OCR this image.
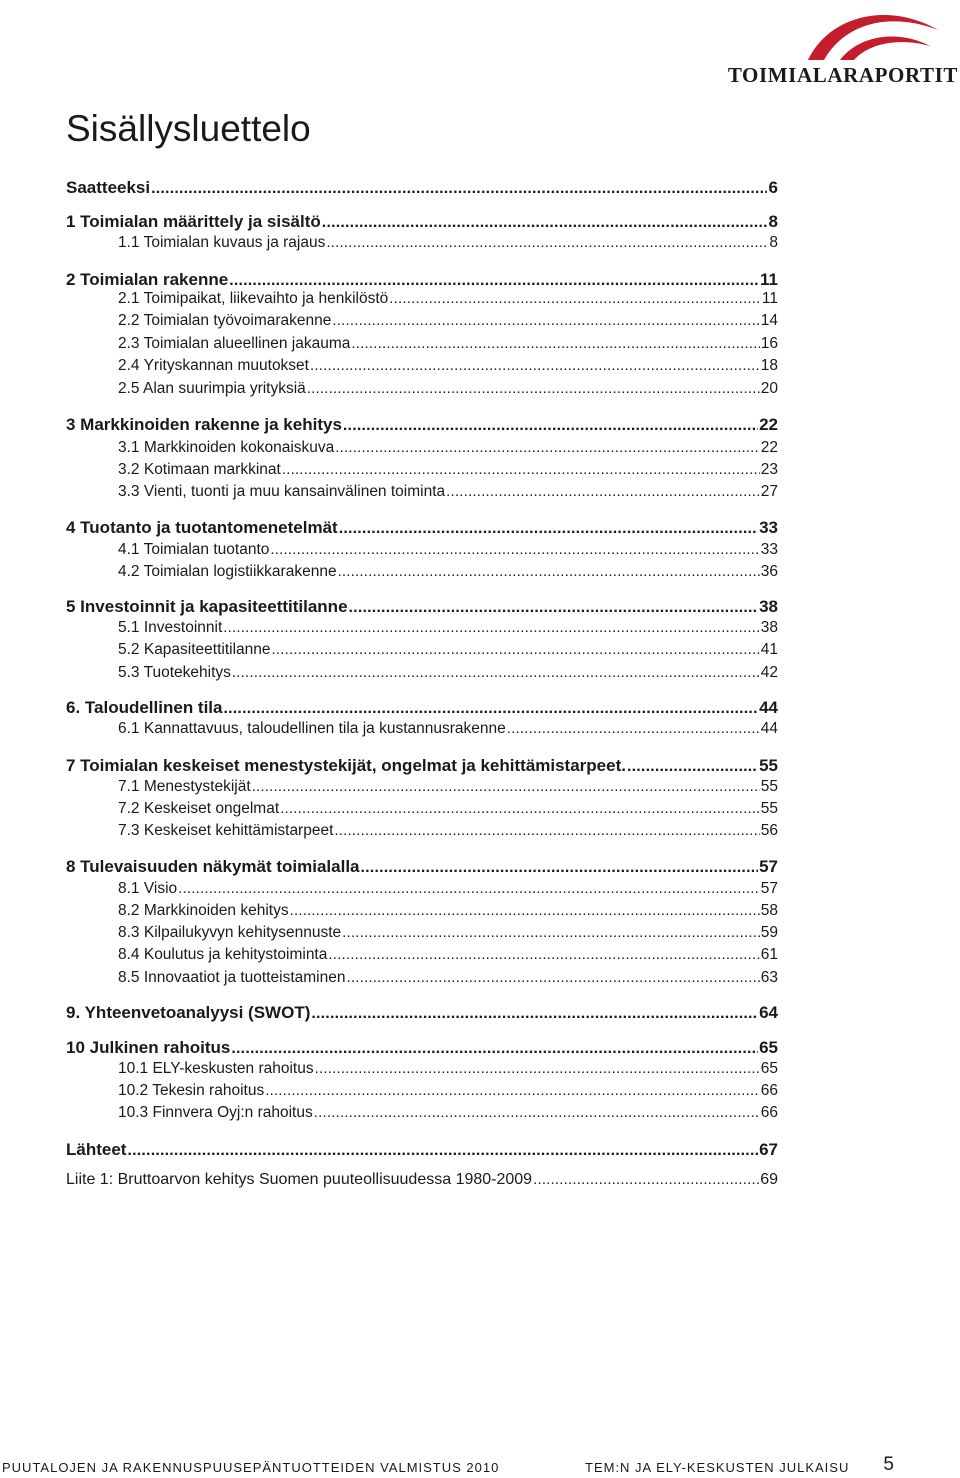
TOIMIALARAPORTIT
Sisällysluettelo
Saatteeksi .....	6
1 Toimialan määrittely ja sisältö .....	8
1.1 Toimialan kuvaus ja rajaus .....	8
2 Toimialan rakenne .....	11
2.1 Toimipaikat, liikevaihto ja henkilöstö .....	11
2.2 Toimialan työvoimarakenne .....	14
2.3 Toimialan alueellinen jakauma .....	16
2.4 Yrityskannan muutokset .....	18
2.5 Alan suurimpia yrityksiä .....	20
3 Markkinoiden rakenne ja kehitys .....	22
3.1 Markkinoiden kokonaiskuva .....	22
3.2 Kotimaan markkinat .....	23
3.3 Vienti, tuonti ja muu kansainvälinen toiminta .....	27
4 Tuotanto ja tuotantomenetelmät .....	33
4.1 Toimialan tuotanto .....	33
4.2 Toimialan logistiikkarakenne .....	36
5 Investoinnit ja kapasiteettitilanne .....	38
5.1 Investoinnit .....	38
5.2 Kapasiteettitilanne .....	41
5.3 Tuotekehitys .....	42
6. Taloudellinen tila .....	44
6.1 Kannattavuus, taloudellinen tila ja kustannusrakenne .....	44
7 Toimialan keskeiset menestystekijät, ongelmat ja kehittämistarpeet. .....	55
7.1 Menestystekijät .....	55
7.2 Keskeiset ongelmat .....	55
7.3 Keskeiset kehittämistarpeet .....	56
8 Tulevaisuuden näkymät toimialalla .....	57
8.1 Visio .....	57
8.2 Markkinoiden kehitys .....	58
8.3 Kilpailukyvyn kehitysennuste .....	59
8.4 Koulutus ja kehitystoiminta .....	61
8.5 Innovaatiot ja tuotteistaminen .....	63
9. Yhteenvetoanalyysi (SWOT) .....	64
10 Julkinen rahoitus .....	65
10.1 ELY-keskusten rahoitus .....	65
10.2 Tekesin rahoitus .....	66
10.3 Finnvera Oyj:n rahoitus .....	66
Lähteet .....	67
Liite 1: Bruttoarvon kehitys Suomen puuteollisuudessa 1980-2009 .....	69
PUUTALOJEN JA RAKENNUSPUUSEPÄNTUOTTEIDEN VALMISTUS 2010	TEM:N JA ELY-KESKUSTEN JULKAISU 5
